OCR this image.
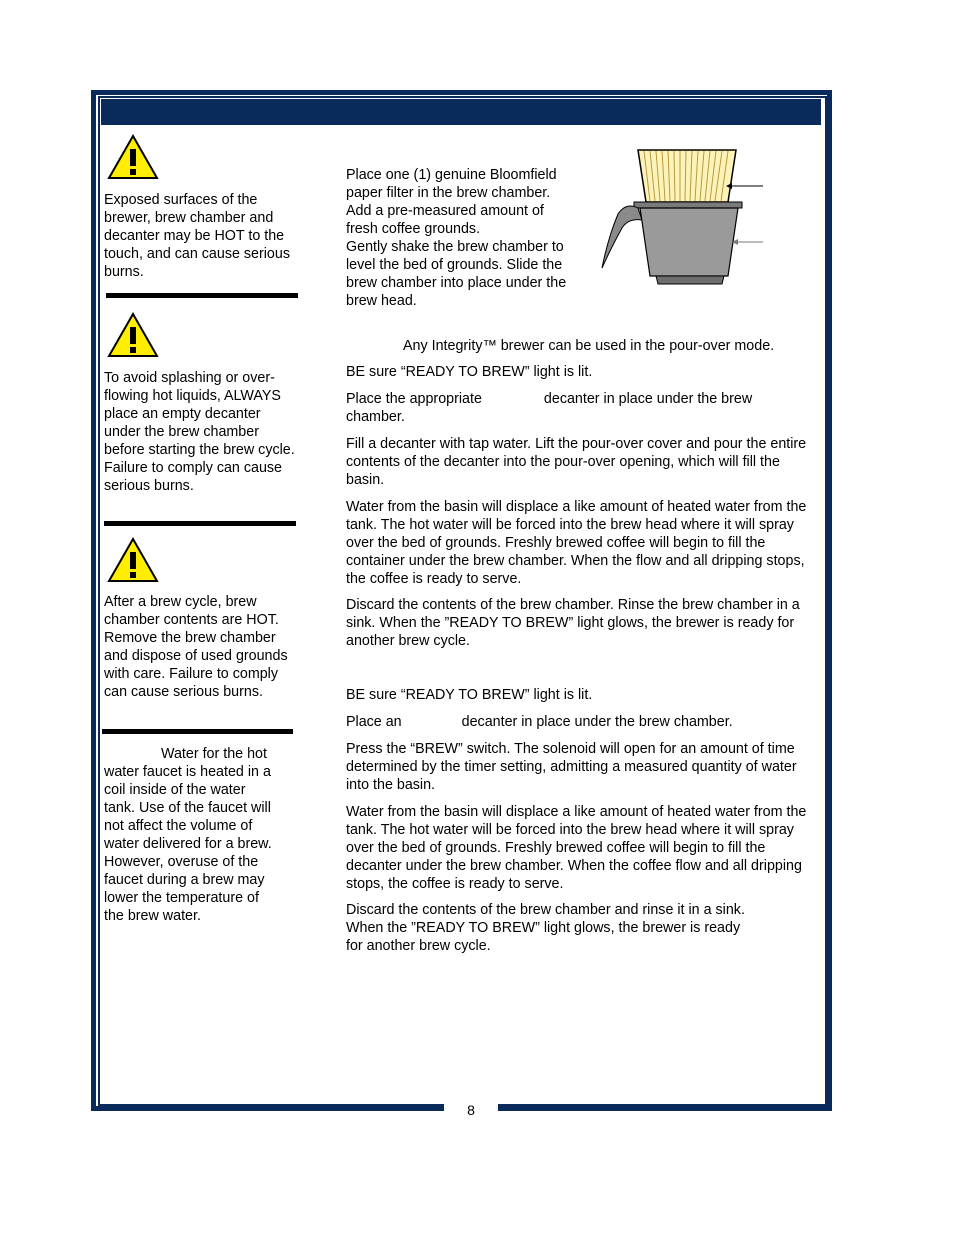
8

Exposed surfaces of the brewer, brew chamber and decanter may be HOT to the touch, and can cause serious burns.

To avoid splashing or over-flowing hot liquids, ALWAYS place an empty decanter under the brew chamber before starting the brew cycle. Failure to comply can cause serious burns.

After a brew cycle, brew chamber contents are HOT. Remove the brew chamber and dispose of used grounds with care. Failure to comply can cause serious burns.

Water for the hot
water faucet is heated in a
coil inside of the water
tank. Use of the faucet will
not affect the volume of
water delivered for a brew.
However, overuse of the
faucet during a brew may
lower the temperature of
the brew water.
Place one (1) genuine Bloomfield
paper filter in the brew chamber.
Add a pre-measured amount of
fresh coffee grounds.
Gently shake the brew chamber to
level the bed of grounds. Slide the
brew chamber into place under the
brew head.

Any Integrity™ brewer can be used in the pour-over mode.

BE sure “READY TO BREW” light is lit.

Place the appropriate	decanter in place under the brew
chamber.

Fill a decanter with tap water. Lift the pour-over cover and pour the entire contents of the decanter into the pour-over opening, which will fill the basin.

Water from the basin will displace a like amount of heated water from the tank. The hot water will be forced into the brew head where it will spray over the bed of grounds. Freshly brewed coffee will begin to fill the container under the brew chamber. When the flow and all dripping stops, the coffee is ready to serve.

Discard the contents of the brew chamber. Rinse the brew chamber in a sink. When the ”READY TO BREW” light glows, the brewer is ready for another brew cycle.

BE sure “READY TO BREW” light is lit.

Place an	decanter in place under the brew chamber.

Press the “BREW” switch. The solenoid will open for an amount of time determined by the timer setting, admitting a measured quantity of water into the basin.

Water from the basin will displace a like amount of heated water from the tank. The hot water will be forced into the brew head where it will spray over the bed of grounds. Freshly brewed coffee will begin to fill the decanter under the brew chamber. When the coffee flow and all dripping stops, the coffee is ready to serve.

Discard the contents of the brew chamber and rinse it in a sink.
When the ”READY TO BREW” light glows, the brewer is ready
for another brew cycle.
